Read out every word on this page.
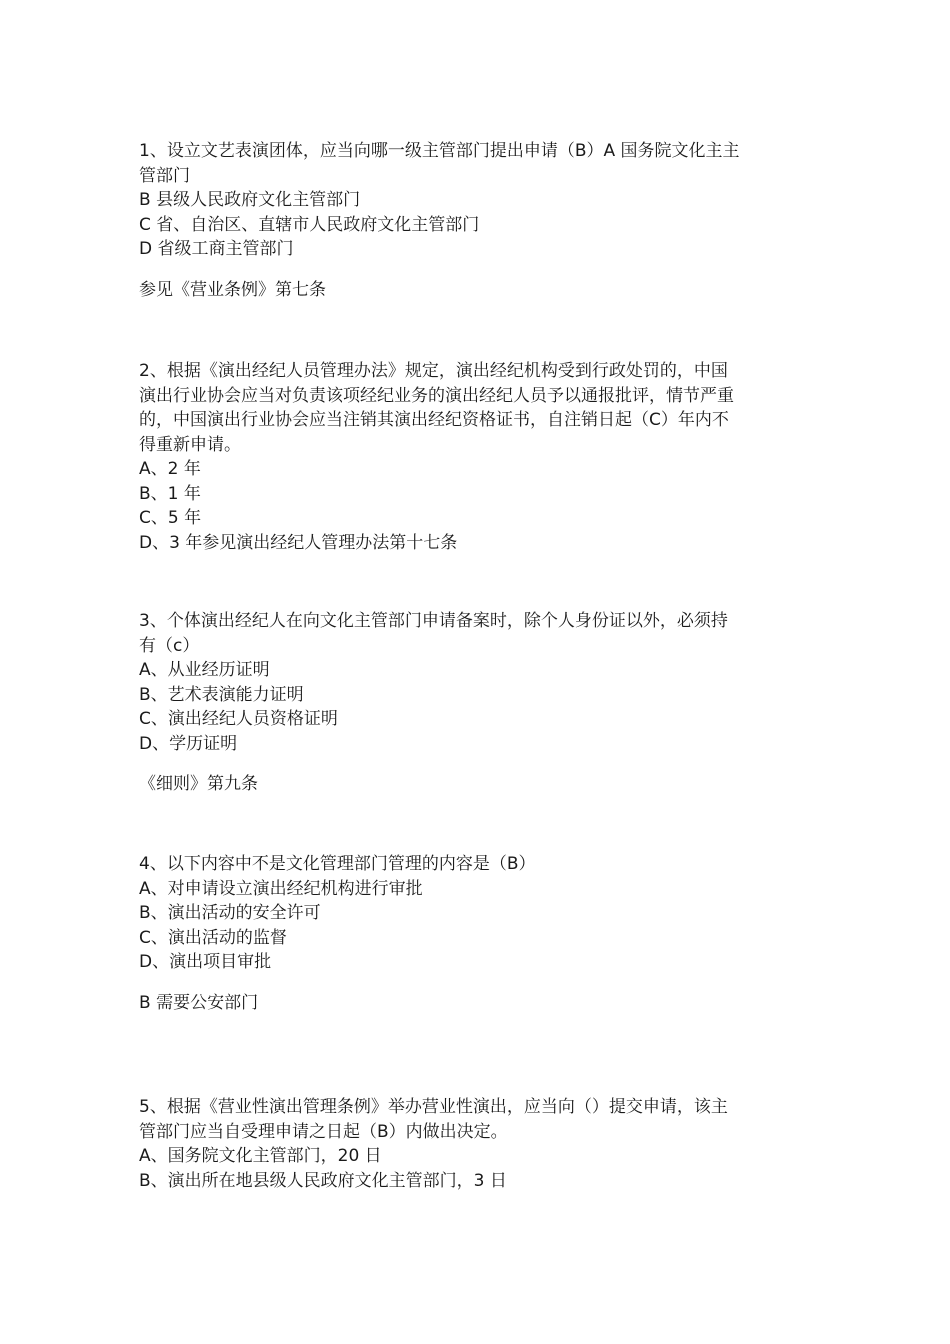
1、设立文艺表演团体，应当向哪一级主管部门提出申请（B）A 国务院文化主主

管部门

B 县级人民政府文化主管部门

C 省、自治区、直辖市人民政府文化主管部门

D 省级工商主管部门

参见《营业条例》第七条

2、根据《演出经纪人员管理办法》规定，演出经纪机构受到行政处罚的，中国

演出行业协会应当对负责该项经纪业务的演出经纪人员予以通报批评，情节严重

的，中国演出行业协会应当注销其演出经纪资格证书，自注销日起（C）年内不

得重新申请。

A、2 年

B、1 年

C、5 年

D、3 年参见演出经纪人管理办法第十七条

3、个体演出经纪人在向文化主管部门申请备案时，除个人身份证以外，必须持

有（c）

A、从业经历证明

B、艺术表演能力证明

C、演出经纪人员资格证明

D、学历证明

《细则》第九条

4、以下内容中不是文化管理部门管理的内容是（B）

A、对申请设立演出经纪机构进行审批

B、演出活动的安全许可

C、演出活动的监督

D、演出项目审批

B 需要公安部门

5、根据《营业性演出管理条例》举办营业性演出，应当向（）提交申请，该主

管部门应当自受理申请之日起（B）内做出决定。

A、国务院文化主管部门，20 日

B、演出所在地县级人民政府文化主管部门，3 日
